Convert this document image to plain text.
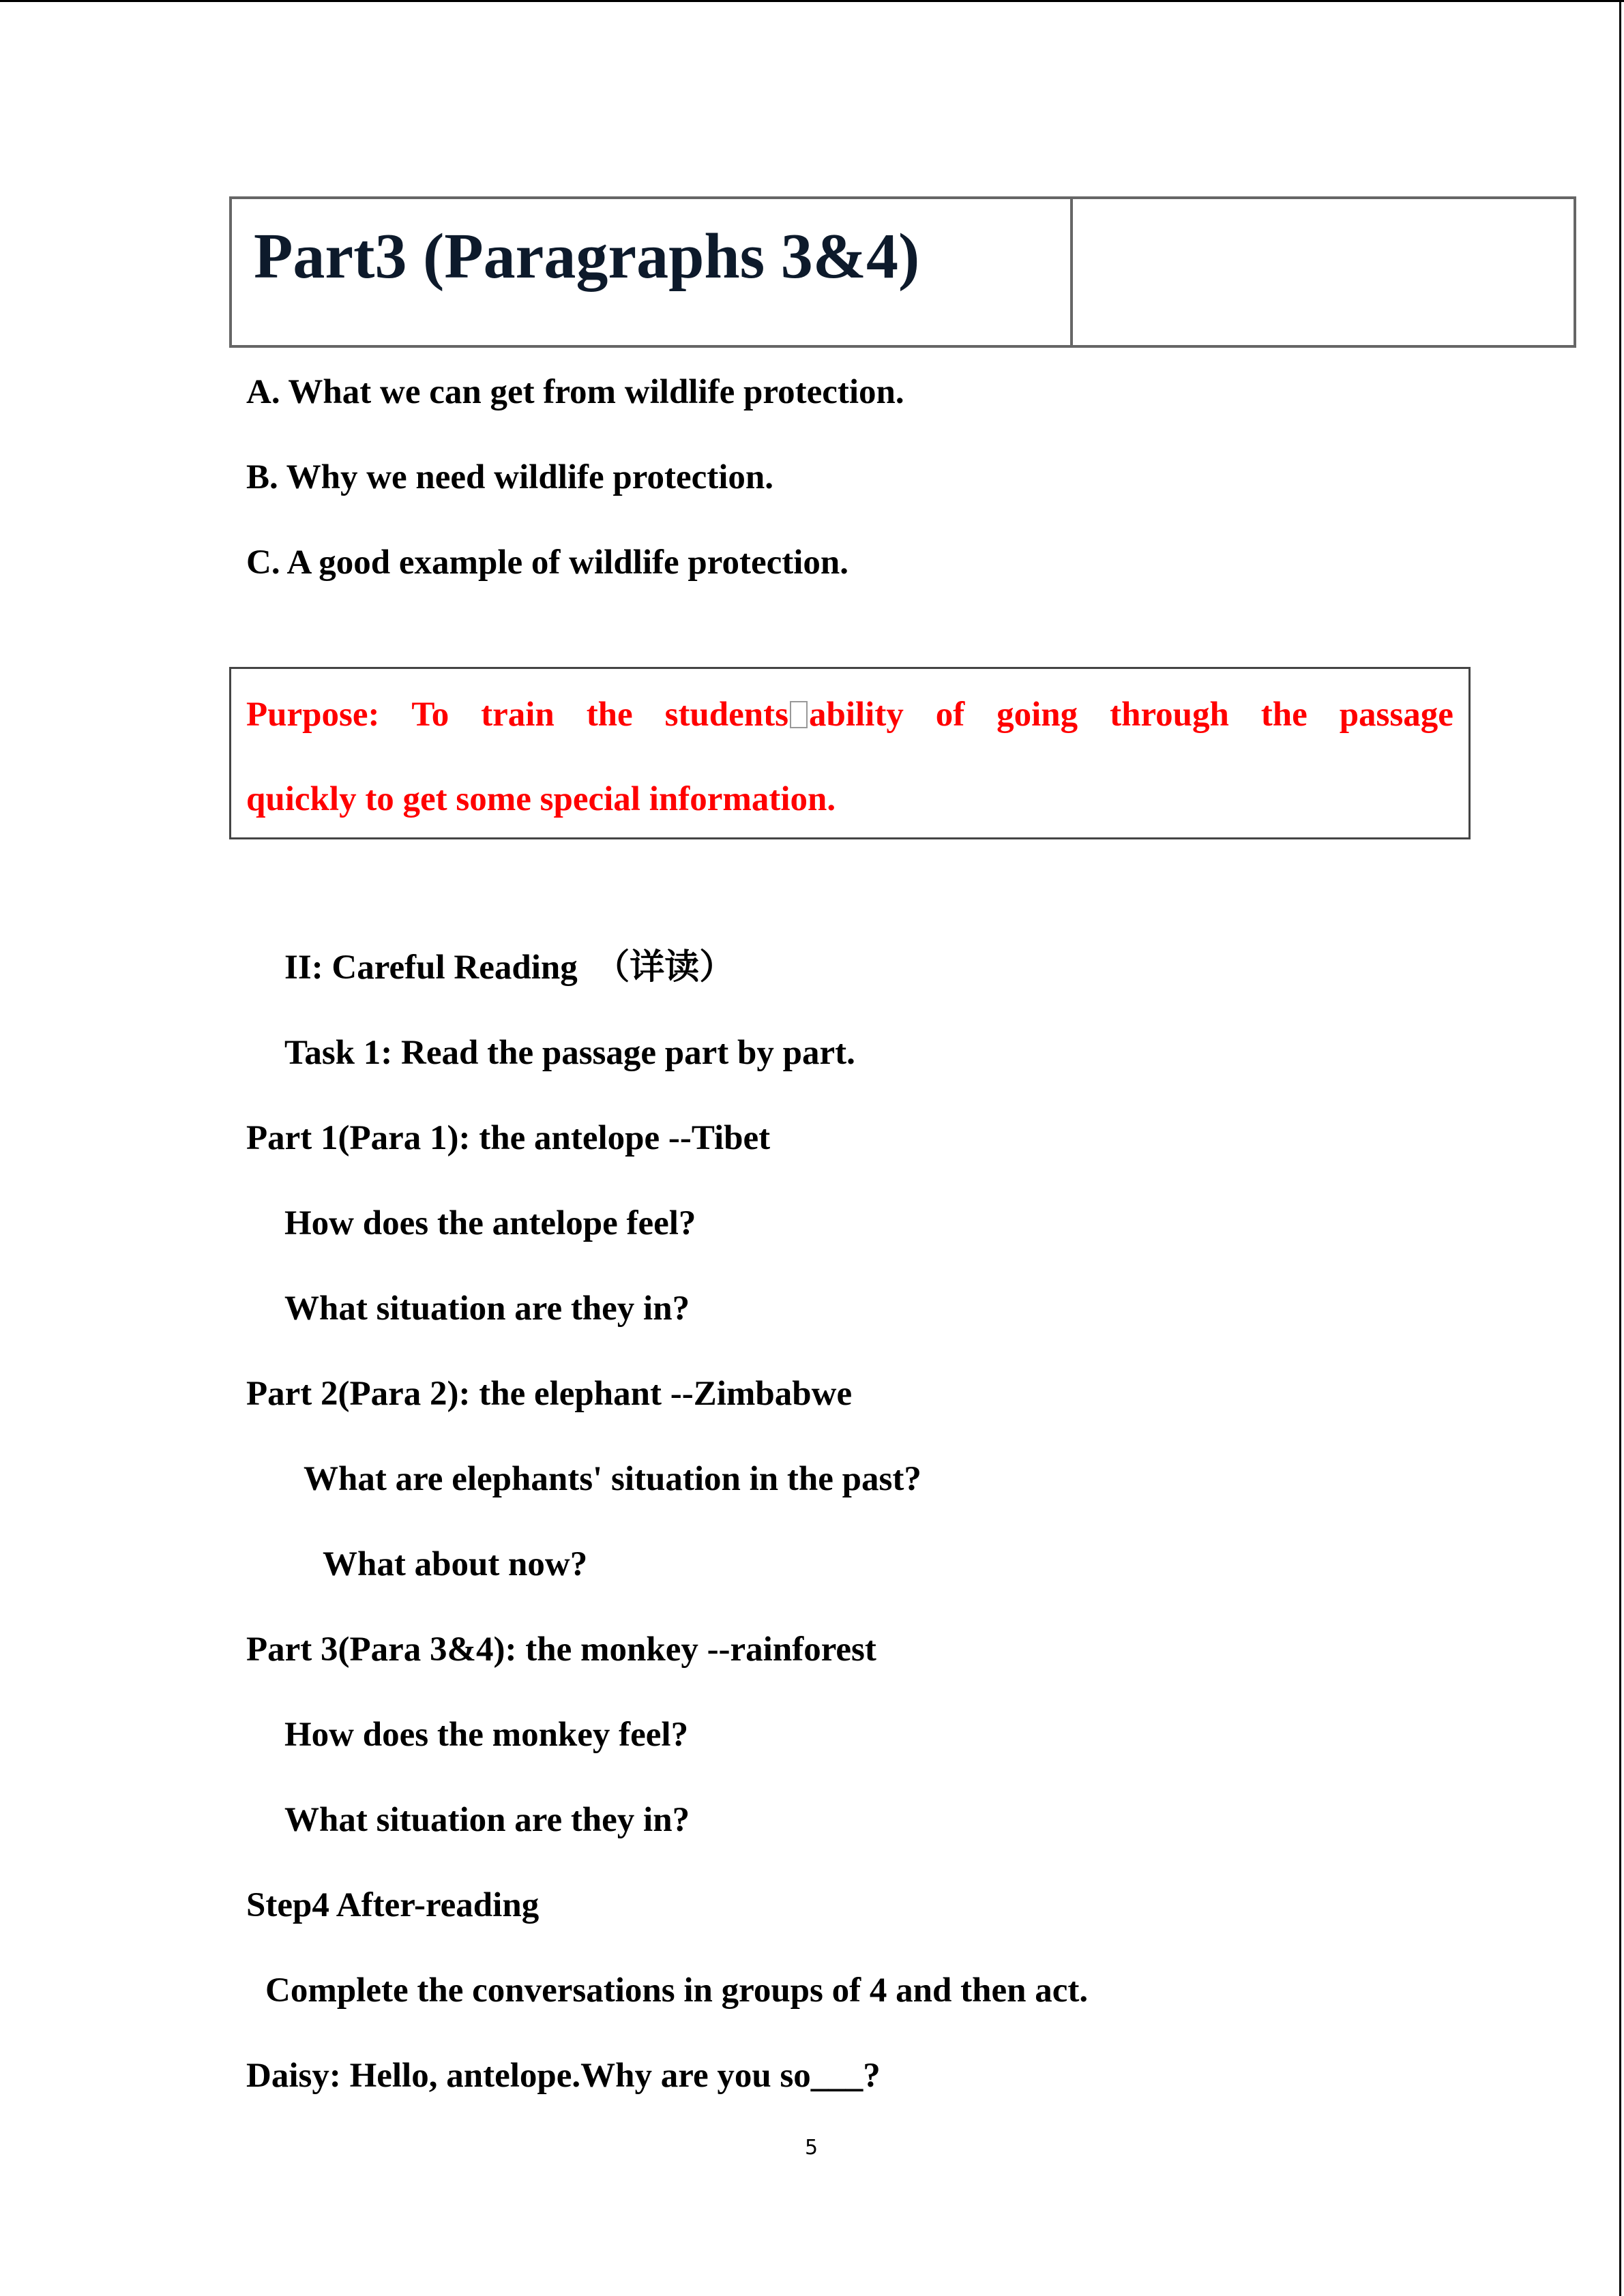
Part3 (Paragraphs 3&4)
A. What we can get from wildlife protection.
B. Why we need wildlife protection.
C. A good example of wildlife protection.
Purpose: To train the students ability of going through the passage
quickly to get some special information.
II: Careful Reading  （详读）
Task 1: Read the passage part by part.
Part 1(Para 1): the antelope --Tibet
How does the antelope feel?
What situation are they in?
Part 2(Para 2): the elephant --Zimbabwe
What are elephants' situation in the past?
What about now?
Part 3(Para 3&4): the monkey --rainforest
How does the monkey feel?
What situation are they in?
Step4 After-reading
Complete the conversations in groups of 4 and then act.
Daisy: Hello, antelope.Why are you so___?
5
